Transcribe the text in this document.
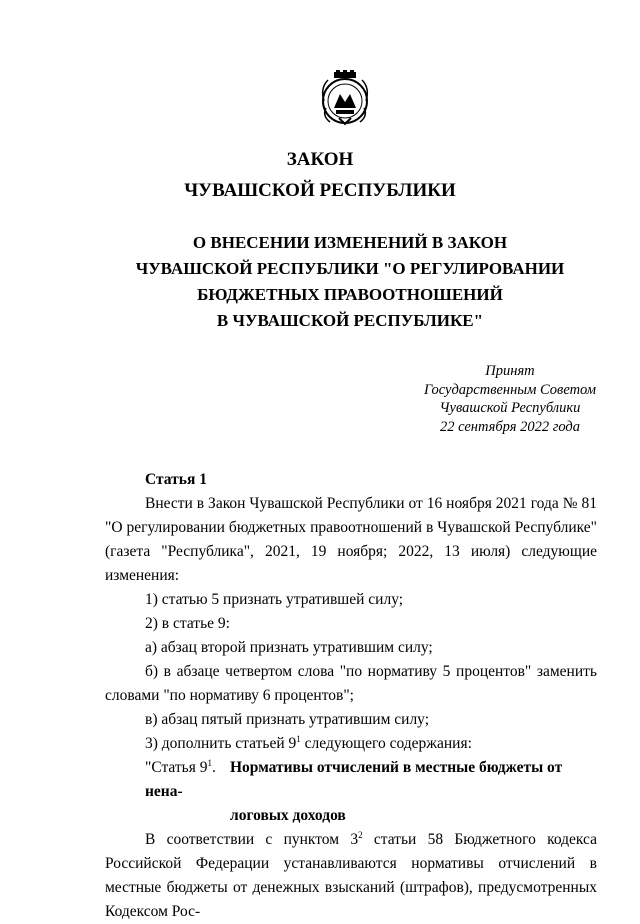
ЗАКОН
ЧУВАШСКОЙ РЕСПУБЛИКИ
О ВНЕСЕНИИ ИЗМЕНЕНИЙ В ЗАКОН
ЧУВАШСКОЙ РЕСПУБЛИКИ "О РЕГУЛИРОВАНИИ
БЮДЖЕТНЫХ ПРАВООТНОШЕНИЙ
В ЧУВАШСКОЙ РЕСПУБЛИКЕ"
Принят
Государственным Советом
Чувашской Республики
22 сентября 2022 года

Статья 1

Внести в Закон Чувашской Республики от 16 ноября 2021 года № 81 "О регулировании бюджетных правоотношений в Чувашской Республике" (газета "Республика", 2021, 19 ноября; 2022, 13 июля) следующие изменения:

1) статью 5 признать утратившей силу;

2) в статье 9:

а) абзац второй признать утратившим силу;

б) в абзаце четвертом слова "по нормативу 5 процентов" заменить словами "по нормативу 6 процентов";

в) абзац пятый признать утратившим силу;

3) дополнить статьей $9^1$ следующего содержания:

"Статья $9^1$. Нормативы отчислений в местные бюджеты от нена-
логовых доходов

В соответствии с пунктом $3^2$ статьи 58 Бюджетного кодекса Российской Федерации устанавливаются нормативы отчислений в местные бюджеты от денежных взысканий (штрафов), предусмотренных Кодексом Рос-
